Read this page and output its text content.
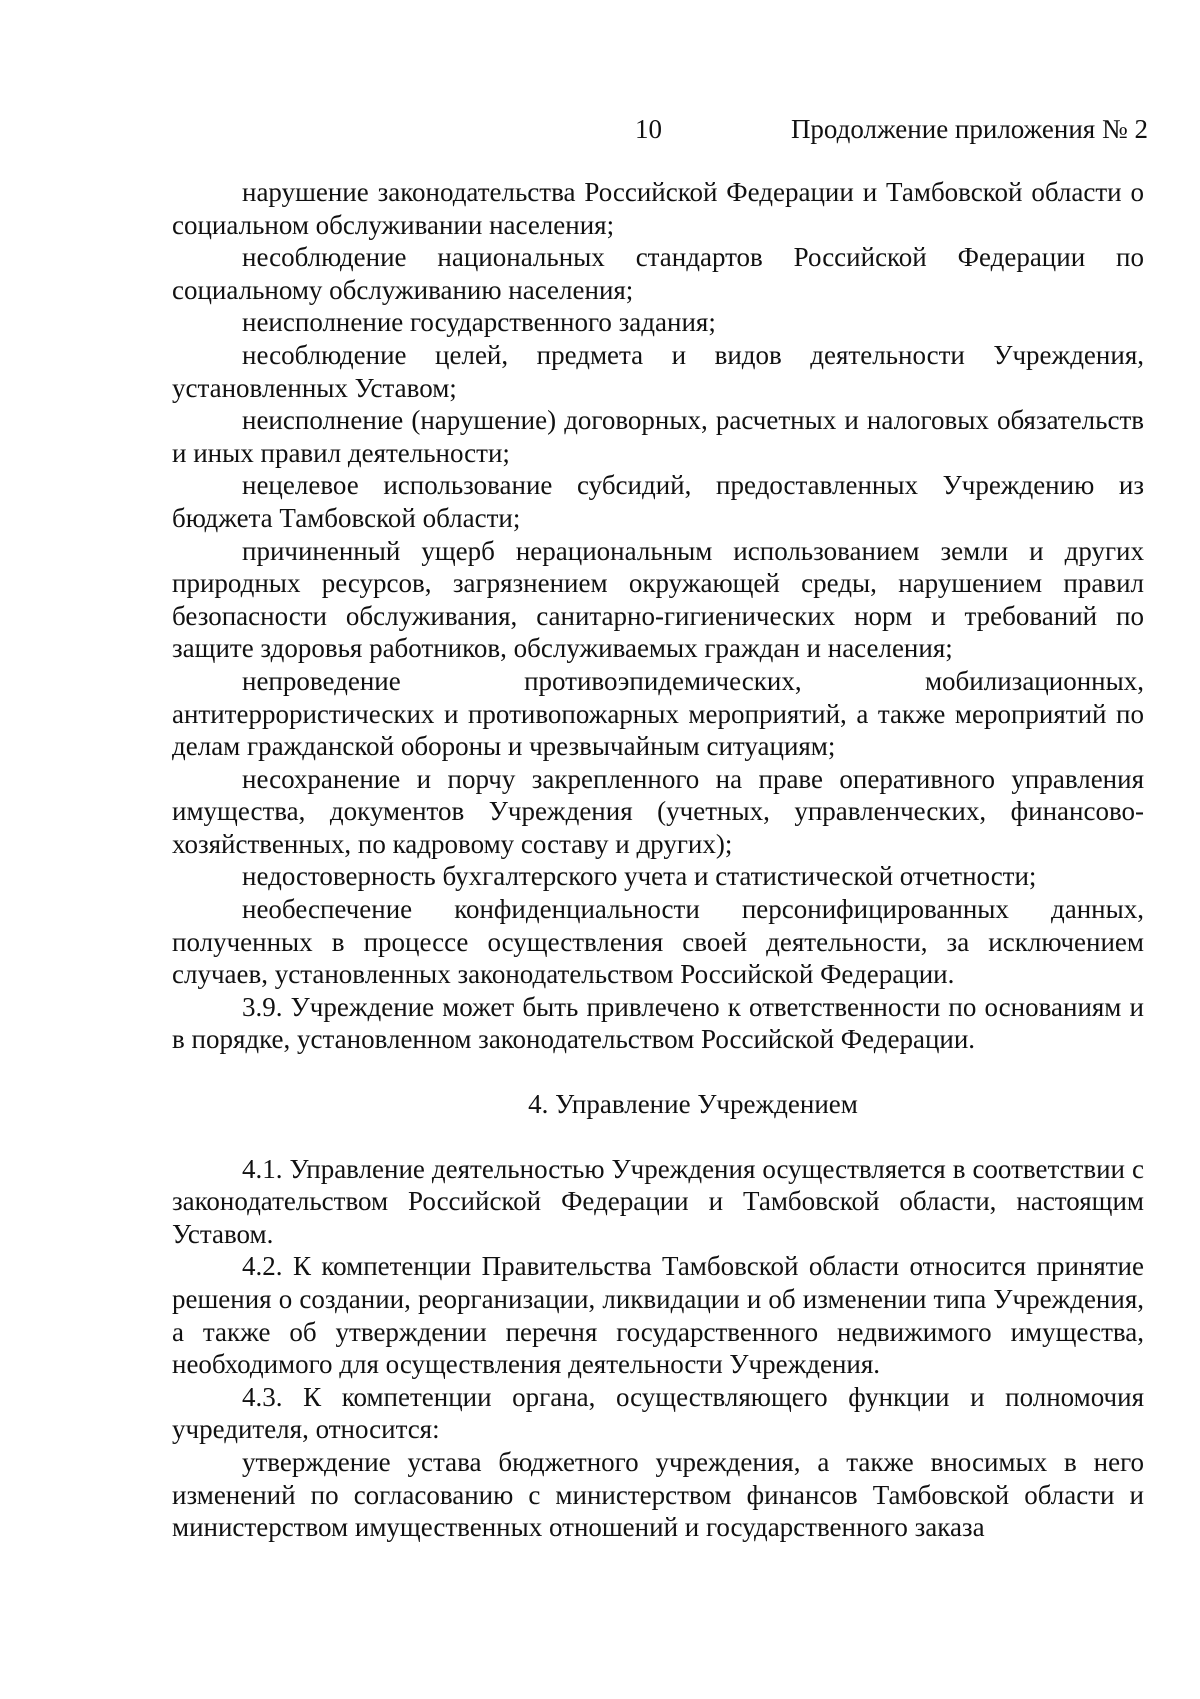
10	Продолжение приложения № 2

нарушение законодательства Российской Федерации и Тамбовской области о социальном обслуживании населения;

несоблюдение национальных стандартов Российской Федерации по социальному обслуживанию населения;

неисполнение государственного задания;

несоблюдение целей, предмета и видов деятельности Учреждения, установленных Уставом;

неисполнение (нарушение) договорных, расчетных и налоговых обязательств и иных правил деятельности;

нецелевое использование субсидий, предоставленных Учреждению из бюджета Тамбовской области;

причиненный ущерб нерациональным использованием земли и других природных ресурсов, загрязнением окружающей среды, нарушением правил безопасности обслуживания, санитарно-гигиенических норм и требований по защите здоровья работников, обслуживаемых граждан и населения;

непроведение противоэпидемических, мобилизационных, антитеррористических и противопожарных мероприятий, а также мероприятий по делам гражданской обороны и чрезвычайным ситуациям;

несохранение и порчу закрепленного на праве оперативного управления имущества, документов Учреждения (учетных, управленческих, финансово-хозяйственных, по кадровому составу и других);

недостоверность бухгалтерского учета и статистической отчетности;

необеспечение конфиденциальности персонифицированных данных, полученных в процессе осуществления своей деятельности, за исключением случаев, установленных законодательством Российской Федерации.

3.9. Учреждение может быть привлечено к ответственности по основаниям и в порядке, установленном законодательством Российской Федерации.

4. Управление Учреждением

4.1. Управление деятельностью Учреждения осуществляется в соответствии с законодательством Российской Федерации и Тамбовской области, настоящим Уставом.

4.2. К компетенции Правительства Тамбовской области относится принятие решения о создании, реорганизации, ликвидации и об изменении типа Учреждения, а также об утверждении перечня государственного недвижимого имущества, необходимого для осуществления деятельности Учреждения.

4.3. К компетенции органа, осуществляющего функции и полномочия учредителя, относится:

утверждение устава бюджетного учреждения, а также вносимых в него изменений по согласованию с министерством финансов Тамбовской области и министерством имущественных отношений и государственного заказа
